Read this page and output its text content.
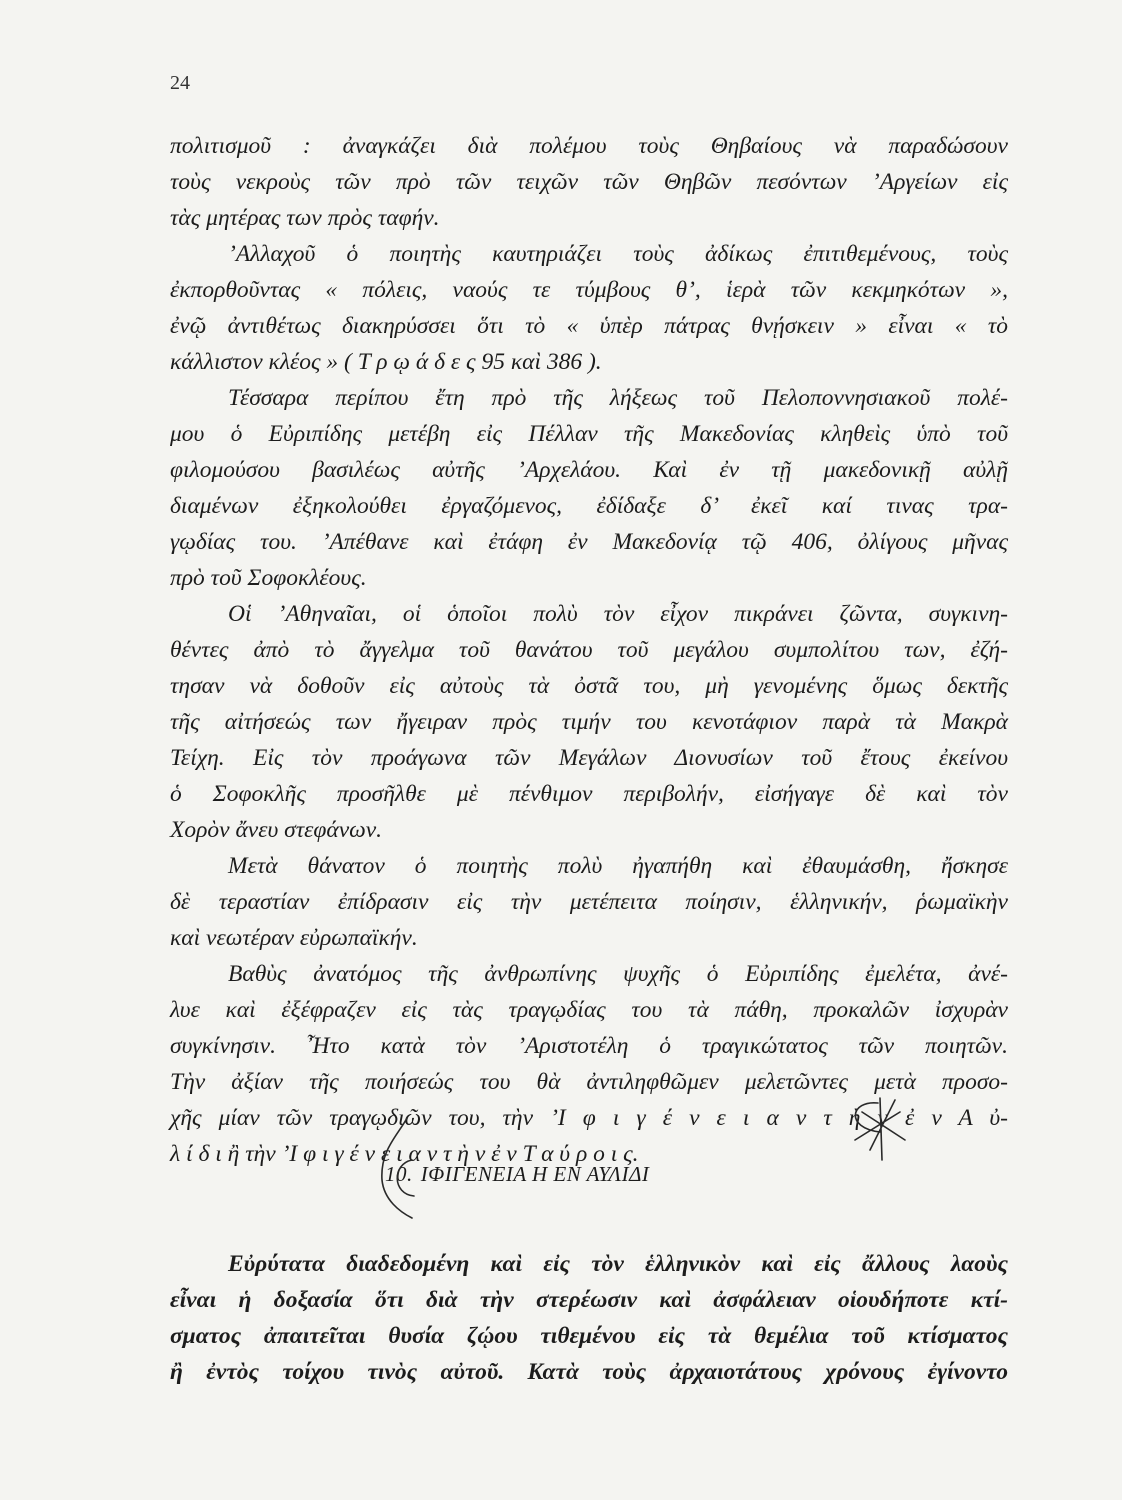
24
πολιτισμοῦ : ἀναγκάζει διὰ πολέμου τοὺς Θηβαίους νὰ παραδώσουν
τοὺς νεκροὺς τῶν πρὸ τῶν τειχῶν τῶν Θηβῶν πεσόντων ’Αργείων εἰς
τὰς μητέρας των πρὸς ταφήν.
’Αλλαχοῦ ὁ ποιητὴς καυτηριάζει τοὺς ἀδίκως ἐπιτιθεμένους, τοὺς
ἐκπορθοῦντας « πόλεις, ναούς τε τύμβους θ’, ἱερὰ τῶν κεκμηκότων »,
ἐνῷ ἀντιθέτως διακηρύσσει ὅτι τὸ « ὑπὲρ πάτρας θνῄσκειν » εἶναι « τὸ
κάλλιστον κλέος » ( Τ ρ ῳ ά δ ε ς 95 καὶ 386 ).
Τέσσαρα περίπου ἔτη πρὸ τῆς λήξεως τοῦ Πελοποννησιακοῦ πολέ-
μου ὁ Εὐριπίδης μετέβη εἰς Πέλλαν τῆς Μακεδονίας κληθεὶς ὑπὸ τοῦ
φιλομούσου βασιλέως αὐτῆς ’Αρχελάου. Καὶ ἐν τῇ μακεδονικῇ αὐλῇ
διαμένων ἐξηκολούθει ἐργαζόμενος, ἐδίδαξε δ’ ἐκεῖ καί τινας τρα-
γῳδίας του. ’Απέθανε καὶ ἐτάφη ἐν Μακεδονίᾳ τῷ 406, ὀλίγους μῆνας
πρὸ τοῦ Σοφοκλέους.
Οἱ ’Αθηναῖαι, οἱ ὁποῖοι πολὺ τὸν εἶχον πικράνει ζῶντα, συγκινη-
θέντες ἀπὸ τὸ ἄγγελμα τοῦ θανάτου τοῦ μεγάλου συμπολίτου των, ἐζή-
τησαν νὰ δοθοῦν εἰς αὐτοὺς τὰ ὀστᾶ του, μὴ γενομένης ὅμως δεκτῆς
τῆς αἰτήσεώς των ἤγειραν πρὸς τιμήν του κενοτάφιον παρὰ τὰ Μακρὰ
Τείχη. Εἰς τὸν προάγωνα τῶν Μεγάλων Διονυσίων τοῦ ἔτους ἐκείνου
ὁ Σοφοκλῆς προσῆλθε μὲ πένθιμον περιβολήν, εἰσήγαγε δὲ καὶ τὸν
Χορὸν ἄνευ στεφάνων.
Μετὰ θάνατον ὁ ποιητὴς πολὺ ἠγαπήθη καὶ ἐθαυμάσθη, ἤσκησε
δὲ τεραστίαν ἐπίδρασιν εἰς τὴν μετέπειτα ποίησιν, ἑλληνικήν, ῥωμαϊκὴν
καὶ νεωτέραν εὐρωπαϊκήν.
Βαθὺς ἀνατόμος τῆς ἀνθρωπίνης ψυχῆς ὁ Εὐριπίδης ἐμελέτα, ἀνέ-
λυε καὶ ἐξέφραζεν εἰς τὰς τραγῳδίας του τὰ πάθη, προκαλῶν ἰσχυρὰν
συγκίνησιν. Ἦτο κατὰ τὸν ’Αριστοτέλη ὁ τραγικώτατος τῶν ποιητῶν.
Τὴν ἀξίαν τῆς ποιήσεώς του θὰ ἀντιληφθῶμεν μελετῶντες μετὰ προσο-
χῆς μίαν τῶν τραγῳδιῶν του, τὴν ’Ι φ ι γ έ ν ε ι α ν τ ὴ ν ἐ ν Α ὐ-
λ ί δ ι ἢ τὴν ’Ι φ ι γ έ ν ε ι α ν τ ὴ ν ἐ ν Τ α ύ ρ ο ι ς.
10. ΙΦΙΓΕΝΕΙΑ Η ΕΝ ΑΥΛΙΔΙ
Εὐρύτατα διαδεδομένη καὶ εἰς τὸν ἑλληνικὸν καὶ εἰς ἄλλους λαοὺς
εἶναι ἡ δοξασία ὅτι διὰ τὴν στερέωσιν καὶ ἀσφάλειαν οἱουδήποτε κτί-
σματος ἀπαιτεῖται θυσία ζῴου τιθεμένου εἰς τὰ θεμέλια τοῦ κτίσματος
ἢ ἐντὸς τοίχου τινὸς αὐτοῦ. Κατὰ τοὺς ἀρχαιοτάτους χρόνους ἐγίνοντο
